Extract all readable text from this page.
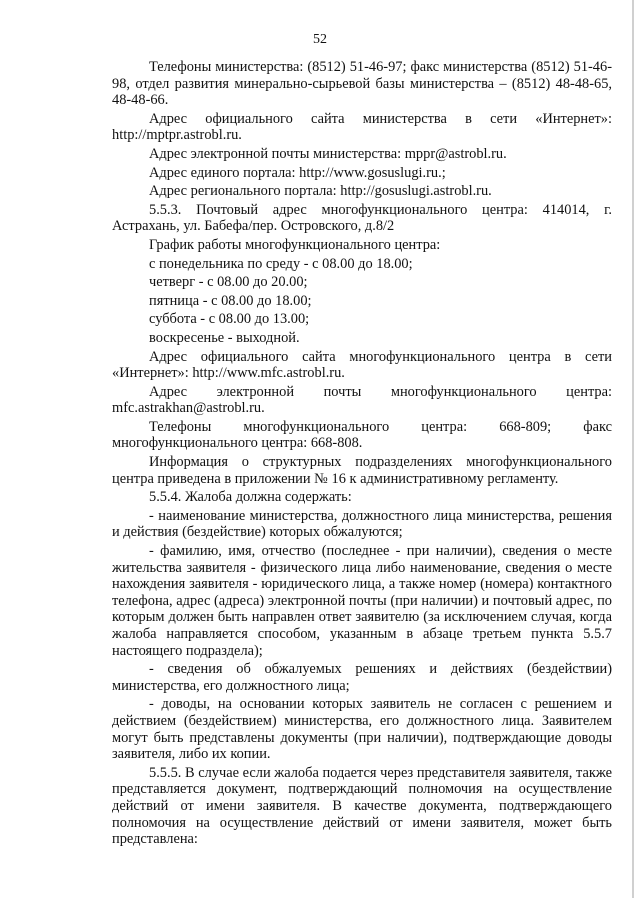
52

Телефоны министерства: (8512) 51-46-97; факс министерства (8512) 51-46-98, отдел развития минерально-сырьевой базы министерства – (8512) 48-48-65, 48-48-66.

Адрес официального сайта министерства в сети «Интернет»: http://mptpr.astrobl.ru.

Адрес электронной почты министерства: mppr@astrobl.ru.

Адрес единого портала: http://www.gosuslugi.ru.;

Адрес регионального портала: http://gosuslugi.astrobl.ru.

5.5.3. Почтовый адрес многофункционального центра: 414014, г. Астрахань, ул. Бабефа/пер. Островского, д.8/2

График работы многофункционального центра:

с понедельника по среду - с 08.00 до 18.00;

четверг - с 08.00 до 20.00;

пятница - с 08.00 до 18.00;

суббота - с 08.00 до 13.00;

воскресенье - выходной.

Адрес официального сайта многофункционального центра в сети «Интернет»: http://www.mfc.astrobl.ru.

Адрес электронной почты многофункционального центра: mfc.astrakhan@astrobl.ru.

Телефоны многофункционального центра: 668-809; факс многофункционального центра: 668-808.

Информация о структурных подразделениях многофункционального центра приведена в приложении № 16 к административному регламенту.

5.5.4. Жалоба должна содержать:

- наименование министерства, должностного лица министерства, решения и действия (бездействие) которых обжалуются;

- фамилию, имя, отчество (последнее - при наличии), сведения о месте жительства заявителя - физического лица либо наименование, сведения о месте нахождения заявителя - юридического лица, а также номер (номера) контактного телефона, адрес (адреса) электронной почты (при наличии) и почтовый адрес, по которым должен быть направлен ответ заявителю (за исключением случая, когда жалоба направляется способом, указанным в абзаце третьем пункта 5.5.7 настоящего подраздела);

- сведения об обжалуемых решениях и действиях (бездействии) министерства, его должностного лица;

- доводы, на основании которых заявитель не согласен с решением и действием (бездействием) министерства, его должностного лица. Заявителем могут быть представлены документы (при наличии), подтверждающие доводы заявителя, либо их копии.

5.5.5. В случае если жалоба подается через представителя заявителя, также представляется документ, подтверждающий полномочия на осуществление действий от имени заявителя. В качестве документа, подтверждающего полномочия на осуществление действий от имени заявителя, может быть представлена:
